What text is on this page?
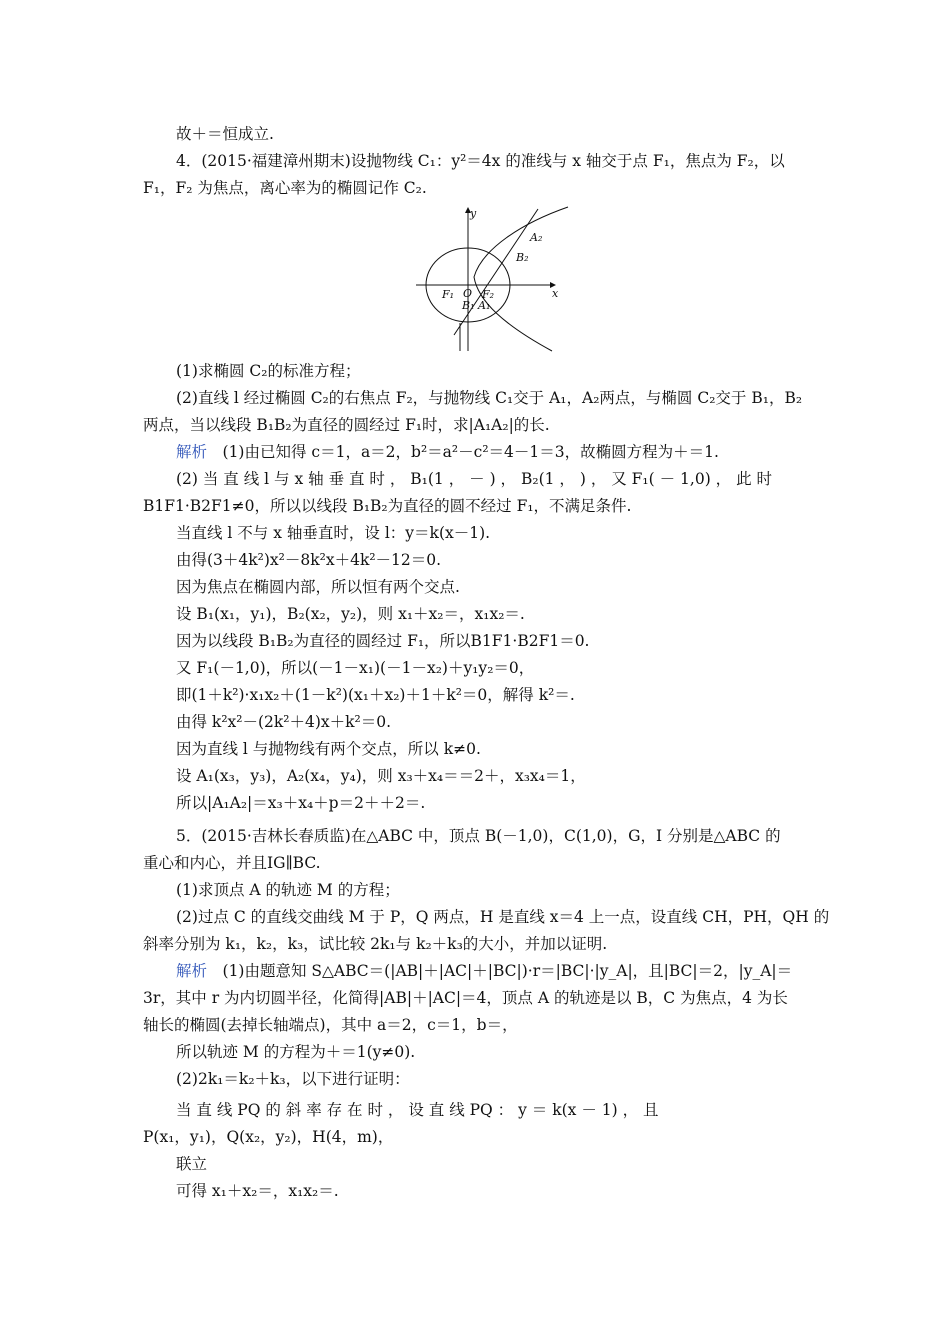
故＋＝恒成立.

4．(2015·福建漳州期末)设抛物线 C₁：y²＝4x 的准线与 x 轴交于点 F₁，焦点为 F₂，以

F₁，F₂ 为焦点，离心率为的椭圆记作 C₂.

y
x
O
F₁	F₂
A₂
B₂
B₁ A₁

(1)求椭圆 C₂的标准方程；

(2)直线 l 经过椭圆 C₂的右焦点 F₂，与抛物线 C₁交于 A₁，A₂两点，与椭圆 C₂交于 B₁，B₂

两点，当以线段 B₁B₂为直径的圆经过 F₁时，求|A₁A₂|的长.

解析　(1)由已知得 c＝1，a＝2，b²＝a²－c²＝4－1＝3，故椭圆方程为＋＝1.

(2) 当 直 线 l 与 x 轴 垂 直 时 ， B₁(1 ， － ) ， B₂(1 ， ) ， 又 F₁( － 1,0) ， 此 时

B1F1·B2F1≠0，所以以线段 B₁B₂为直径的圆不经过 F₁，不满足条件.

当直线 l 不与 x 轴垂直时，设 l：y＝k(x－1).

由得(3＋4k²)x²－8k²x＋4k²－12＝0.

因为焦点在椭圆内部，所以恒有两个交点.

设 B₁(x₁，y₁)，B₂(x₂，y₂)，则 x₁＋x₂＝，x₁x₂＝.

因为以线段 B₁B₂为直径的圆经过 F₁，所以B1F1·B2F1＝0.

又 F₁(－1,0)，所以(－1－x₁)(－1－x₂)＋y₁y₂＝0，

即(1＋k²)·x₁x₂＋(1－k²)(x₁＋x₂)＋1＋k²＝0，解得 k²＝.

由得 k²x²－(2k²＋4)x＋k²＝0.

因为直线 l 与抛物线有两个交点，所以 k≠0.

设 A₁(x₃，y₃)，A₂(x₄，y₄)，则 x₃＋x₄＝＝2＋，x₃x₄＝1，

所以|A₁A₂|＝x₃＋x₄＋p＝2＋＋2＝.

5．(2015·吉林长春质监)在△ABC 中，顶点 B(－1,0)，C(1,0)，G，I 分别是△ABC 的

重心和内心，并且IG∥BC.

(1)求顶点 A 的轨迹 M 的方程；

(2)过点 C 的直线交曲线 M 于 P，Q 两点，H 是直线 x＝4 上一点，设直线 CH，PH，QH 的

斜率分别为 k₁，k₂，k₃，试比较 2k₁与 k₂＋k₃的大小，并加以证明.

解析　(1)由题意知 S△ABC＝(|AB|＋|AC|＋|BC|)·r＝|BC|·|y_A|，且|BC|＝2，|y_A|＝

3r，其中 r 为内切圆半径，化简得|AB|＋|AC|＝4，顶点 A 的轨迹是以 B，C 为焦点，4 为长

轴长的椭圆(去掉长轴端点)，其中 a＝2，c＝1，b＝，

所以轨迹 M 的方程为＋＝1(y≠0).

(2)2k₁＝k₂＋k₃，以下进行证明：

当 直 线 PQ 的 斜 率 存 在 时 ， 设 直 线 PQ ： y ＝ k(x － 1) ， 且

P(x₁，y₁)，Q(x₂，y₂)，H(4，m)，

联立

可得 x₁＋x₂＝，x₁x₂＝.
